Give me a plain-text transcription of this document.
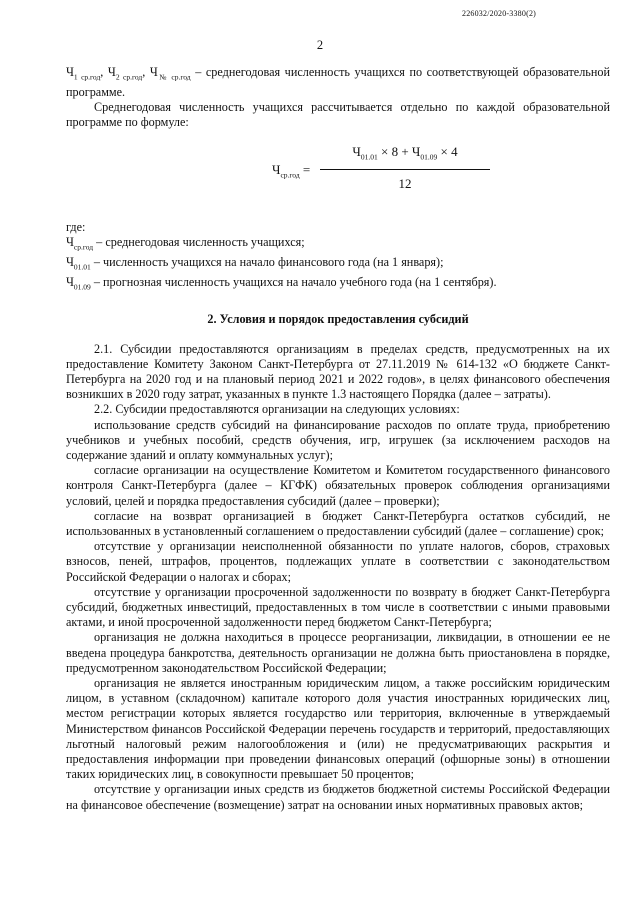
226032/2020-3380(2)
2

$Ч_{1 ср.год}$, $Ч_{2 ср.год}$, $Ч_{№ ср.год}$ – среднегодовая численность учащихся по соответствующей образовательной программе.

Среднегодовая численность учащихся рассчитывается отдельно по каждой образовательной программе по формуле:

$Ч_{ср.год}$ =
$Ч_{01.01} \times 8 + Ч_{01.09} \times 4$
12

где:

$Ч_{ср.год}$ – среднегодовая численность учащихся;

$Ч_{01.01}$ – численность учащихся на начало финансового года (на 1 января);

$Ч_{01.09}$ – прогнозная численность учащихся на начало учебного года (на 1 сентября).

2. Условия и порядок предоставления субсидий

2.1. Субсидии предоставляются организациям в пределах средств, предусмотренных на их предоставление Комитету Законом Санкт-Петербурга от 27.11.2019 № 614-132 «О бюджете Санкт-Петербурга на 2020 год и на плановый период 2021 и 2022 годов», в целях финансового обеспечения возникших в 2020 году затрат, указанных в пункте 1.3 настоящего Порядка (далее – затраты).

2.2. Субсидии предоставляются организации на следующих условиях:

использование средств субсидий на финансирование расходов по оплате труда, приобретению учебников и учебных пособий, средств обучения, игр, игрушек (за исключением расходов на содержание зданий и оплату коммунальных услуг);

согласие организации на осуществление Комитетом и Комитетом государственного финансового контроля Санкт-Петербурга (далее – КГФК) обязательных проверок соблюдения организациями условий, целей и порядка предоставления субсидий (далее – проверки);

согласие на возврат организацией в бюджет Санкт-Петербурга остатков субсидий, не использованных в установленный соглашением о предоставлении субсидий (далее – соглашение) срок;

отсутствие у организации неисполненной обязанности по уплате налогов, сборов, страховых взносов, пеней, штрафов, процентов, подлежащих уплате в соответствии с законодательством Российской Федерации о налогах и сборах;

отсутствие у организации просроченной задолженности по возврату в бюджет Санкт-Петербурга субсидий, бюджетных инвестиций, предоставленных в том числе в соответствии с иными правовыми актами, и иной просроченной задолженности перед бюджетом Санкт-Петербурга;

организация не должна находиться в процессе реорганизации, ликвидации, в отношении ее не введена процедура банкротства, деятельность организации не должна быть приостановлена в порядке, предусмотренном законодательством Российской Федерации;

организация не является иностранным юридическим лицом, а также российским юридическим лицом, в уставном (складочном) капитале которого доля участия иностранных юридических лиц, местом регистрации которых является государство или территория, включенные в утверждаемый Министерством финансов Российской Федерации перечень государств и территорий, предоставляющих льготный налоговый режим налогообложения и (или) не предусматривающих раскрытия и предоставления информации при проведении финансовых операций (офшорные зоны) в отношении таких юридических лиц, в совокупности превышает 50 процентов;

отсутствие у организации иных средств из бюджетов бюджетной системы Российской Федерации на финансовое обеспечение (возмещение) затрат на основании иных нормативных правовых актов;
